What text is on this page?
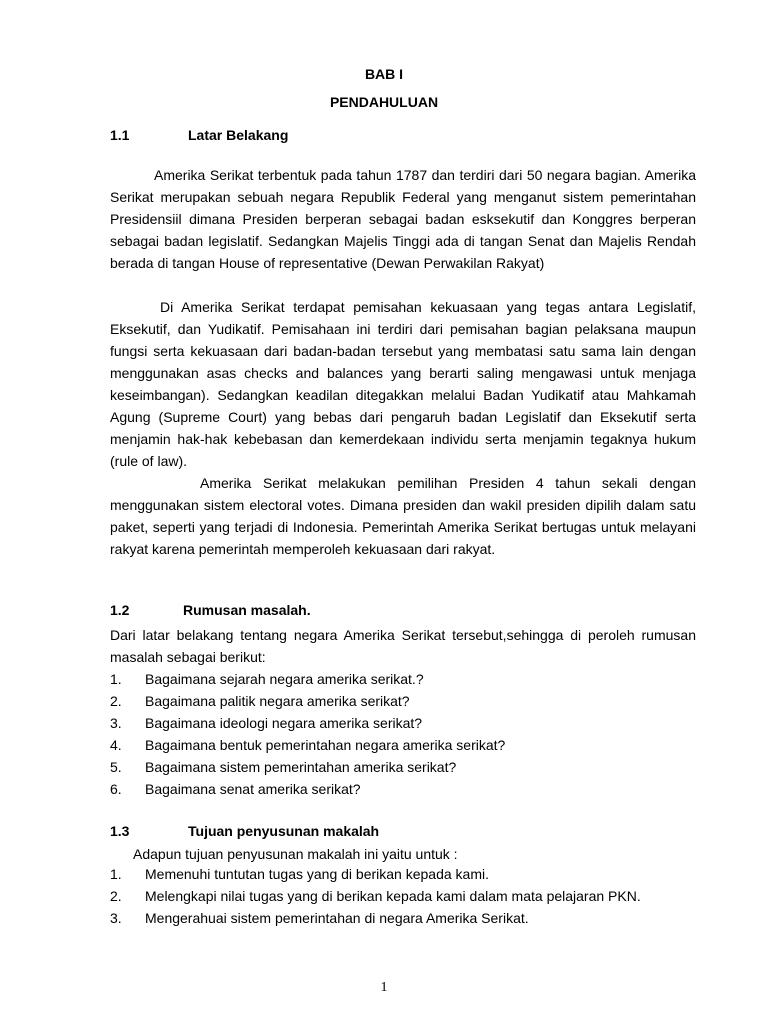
BAB I
PENDAHULUAN
1.1	Latar Belakang
Amerika Serikat terbentuk pada tahun 1787 dan terdiri dari 50 negara bagian. Amerika Serikat merupakan sebuah negara Republik Federal yang menganut sistem pemerintahan Presidensiil dimana Presiden berperan sebagai badan esksekutif dan Konggres berperan sebagai badan legislatif. Sedangkan Majelis Tinggi ada di tangan Senat dan Majelis Rendah berada di tangan House of representative (Dewan Perwakilan Rakyat)
Di Amerika Serikat terdapat pemisahan kekuasaan yang tegas antara Legislatif, Eksekutif, dan Yudikatif. Pemisahaan ini terdiri dari pemisahan bagian pelaksana maupun fungsi serta kekuasaan dari badan-badan tersebut yang membatasi satu sama lain dengan menggunakan asas checks and balances yang berarti saling mengawasi untuk menjaga keseimbangan). Sedangkan keadilan ditegakkan melalui Badan Yudikatif atau Mahkamah Agung (Supreme Court) yang bebas dari pengaruh badan Legislatif dan Eksekutif serta menjamin hak-hak kebebasan dan kemerdekaan individu serta menjamin tegaknya hukum (rule of law).
Amerika Serikat melakukan pemilihan Presiden 4 tahun sekali dengan menggunakan sistem electoral votes. Dimana presiden dan wakil presiden dipilih dalam satu paket, seperti yang terjadi di Indonesia. Pemerintah Amerika Serikat bertugas untuk melayani rakyat karena pemerintah memperoleh kekuasaan dari rakyat.
1.2	Rumusan masalah.
Dari latar belakang tentang negara Amerika Serikat tersebut,sehingga di peroleh rumusan masalah sebagai berikut:
1. Bagaimana sejarah negara amerika serikat.?
2. Bagaimana palitik negara amerika serikat?
3. Bagaimana ideologi negara amerika serikat?
4. Bagaimana bentuk pemerintahan negara amerika serikat?
5. Bagaimana sistem pemerintahan amerika serikat?
6. Bagaimana senat amerika serikat?
1.3	Tujuan penyusunan makalah
Adapun tujuan penyusunan makalah ini yaitu untuk :
1. Memenuhi tuntutan tugas yang di berikan kepada kami.
2. Melengkapi nilai tugas yang di berikan kepada kami dalam mata pelajaran PKN.
3. Mengerahuai sistem pemerintahan di negara Amerika Serikat.
1
